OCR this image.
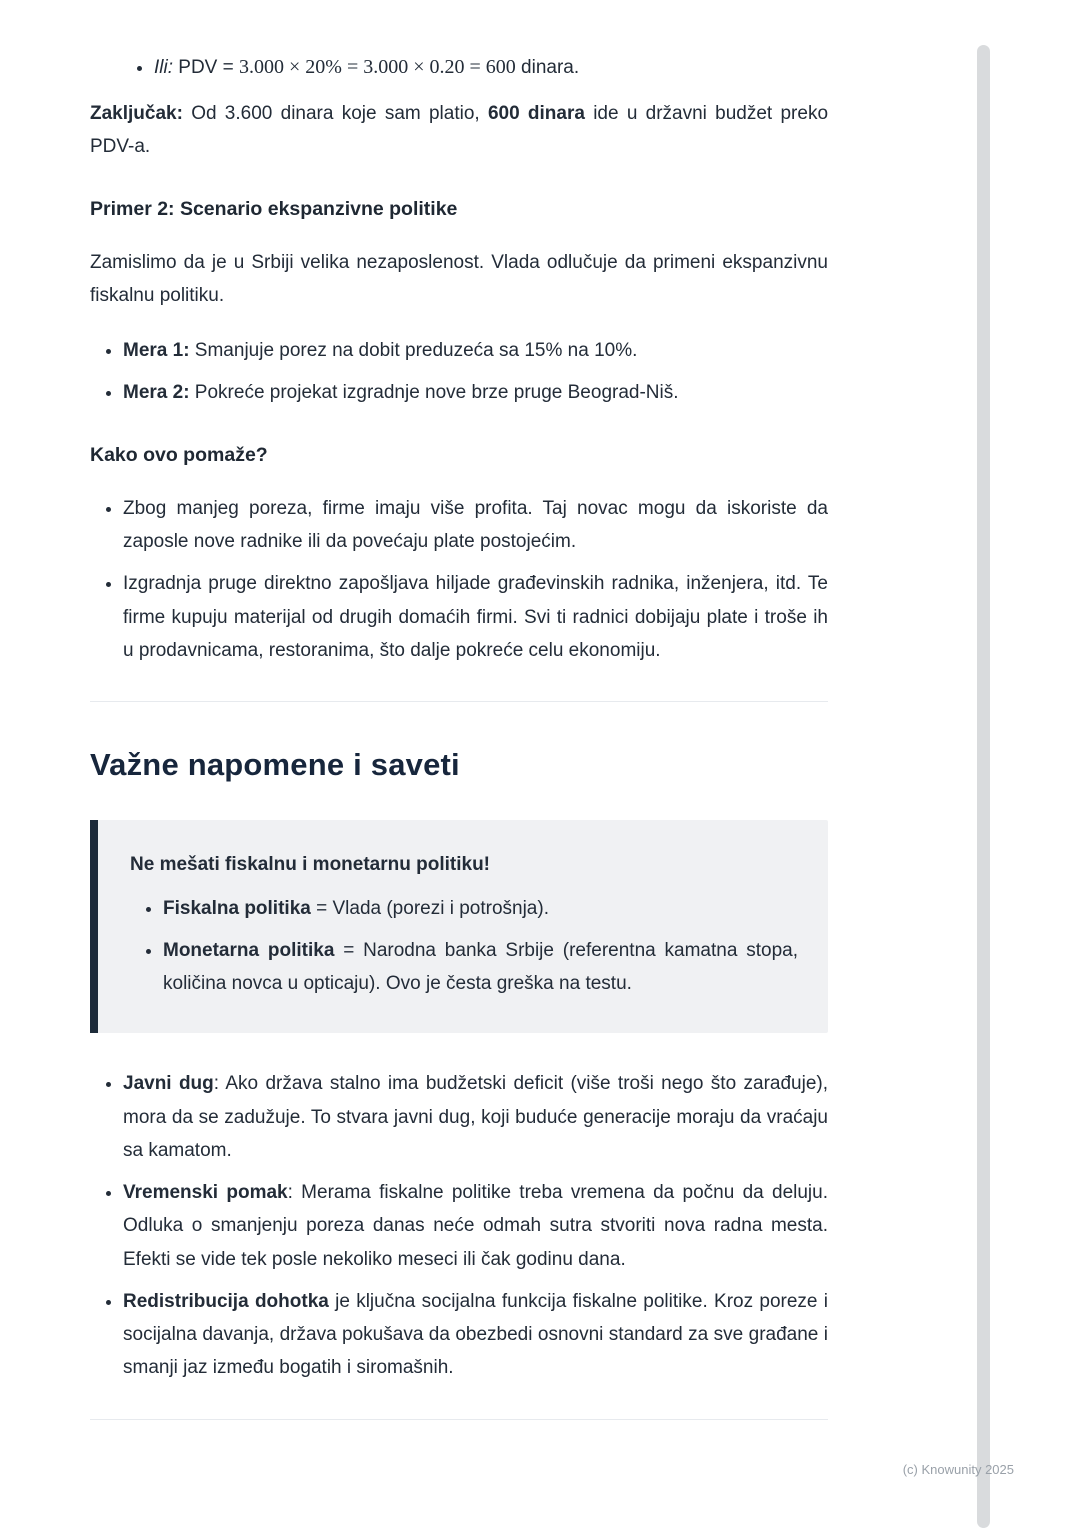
• Ili: PDV = 3.000 × 20% = 3.000 × 0.20 = 600 dinara.

Zaključak: Od 3.600 dinara koje sam platio, 600 dinara ide u državni budžet preko PDV-a.

Primer 2: Scenario ekspanzivne politike

Zamislimo da je u Srbiji velika nezaposlenost. Vlada odlučuje da primeni ekspanzivnu fiskalnu politiku.

• Mera 1: Smanjuje porez na dobit preduzeća sa 15% na 10%.
• Mera 2: Pokreće projekat izgradnje nove brze pruge Beograd-Niš.
Kako ovo pomaže?
• Zbog manjeg poreza, firme imaju više profita. Taj novac mogu da iskoriste da zaposle nove radnike ili da povećaju plate postojećim.
• Izgradnja pruge direktno zapošljava hiljade građevinskih radnika, inženjera, itd. Te firme kupuju materijal od drugih domaćih firmi. Svi ti radnici dobijaju plate i troše ih u prodavnicama, restoranima, što dalje pokreće celu ekonomiju.
Važne napomene i saveti
Ne mešati fiskalnu i monetarnu politiku!
• Fiskalna politika = Vlada (porezi i potrošnja).
• Monetarna politika = Narodna banka Srbije (referentna kamatna stopa, količina novca u opticaju). Ovo je česta greška na testu.
• Javni dug: Ako država stalno ima budžetski deficit (više troši nego što zarađuje), mora da se zadužuje. To stvara javni dug, koji buduće generacije moraju da vraćaju sa kamatom.
• Vremenski pomak: Merama fiskalne politike treba vremena da počnu da deluju. Odluka o smanjenju poreza danas neće odmah sutra stvoriti nova radna mesta. Efekti se vide tek posle nekoliko meseci ili čak godinu dana.
• Redistribucija dohotka je ključna socijalna funkcija fiskalne politike. Kroz poreze i socijalna davanja, država pokušava da obezbedi osnovni standard za sve građane i smanji jaz između bogatih i siromašnih.
(c) Knowunity 2025
